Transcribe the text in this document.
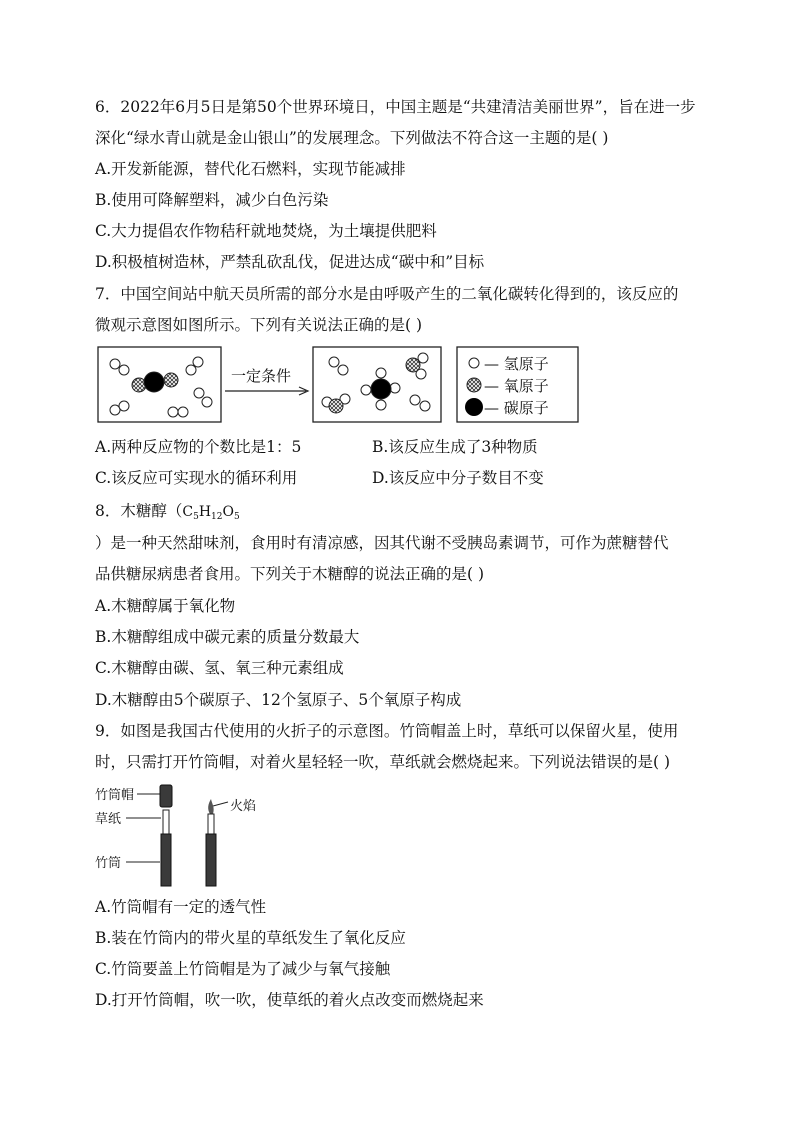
6．2022年6月5日是第50个世界环境日，中国主题是“共建清洁美丽世界”，旨在进一步
深化“绿水青山就是金山银山”的发展理念。下列做法不符合这一主题的是( )
A.开发新能源，替代化石燃料，实现节能减排
B.使用可降解塑料，减少白色污染
C.大力提倡农作物秸秆就地焚烧，为土壤提供肥料
D.积极植树造林，严禁乱砍乱伐，促进达成“碳中和”目标
7．中国空间站中航天员所需的部分水是由呼吸产生的二氧化碳转化得到的，该反应的
微观示意图如图所示。下列有关说法正确的是( )
一定条件
— 氢原子
— 氧原子
— 碳原子
A.两种反应物的个数比是1：5	B.该反应生成了3种物质
C.该反应可实现水的循环利用	D.该反应中分子数目不变
8．木糖醇（$C_5H_{12}O_5$
）是一种天然甜味剂，食用时有清凉感，因其代谢不受胰岛素调节，可作为蔗糖替代
品供糖尿病患者食用。下列关于木糖醇的说法正确的是( )
A.木糖醇属于氧化物
B.木糖醇组成中碳元素的质量分数最大
C.木糖醇由碳、氢、氧三种元素组成
D.木糖醇由5个碳原子、12个氢原子、5个氧原子构成
9．如图是我国古代使用的火折子的示意图。竹筒帽盖上时，草纸可以保留火星，使用
时，只需打开竹筒帽，对着火星轻轻一吹，草纸就会燃烧起来。下列说法错误的是( )
竹筒帽
草纸
竹筒
火焰
A.竹筒帽有一定的透气性
B.装在竹筒内的带火星的草纸发生了氧化反应
C.竹筒要盖上竹筒帽是为了减少与氧气接触
D.打开竹筒帽，吹一吹，使草纸的着火点改变而燃烧起来
